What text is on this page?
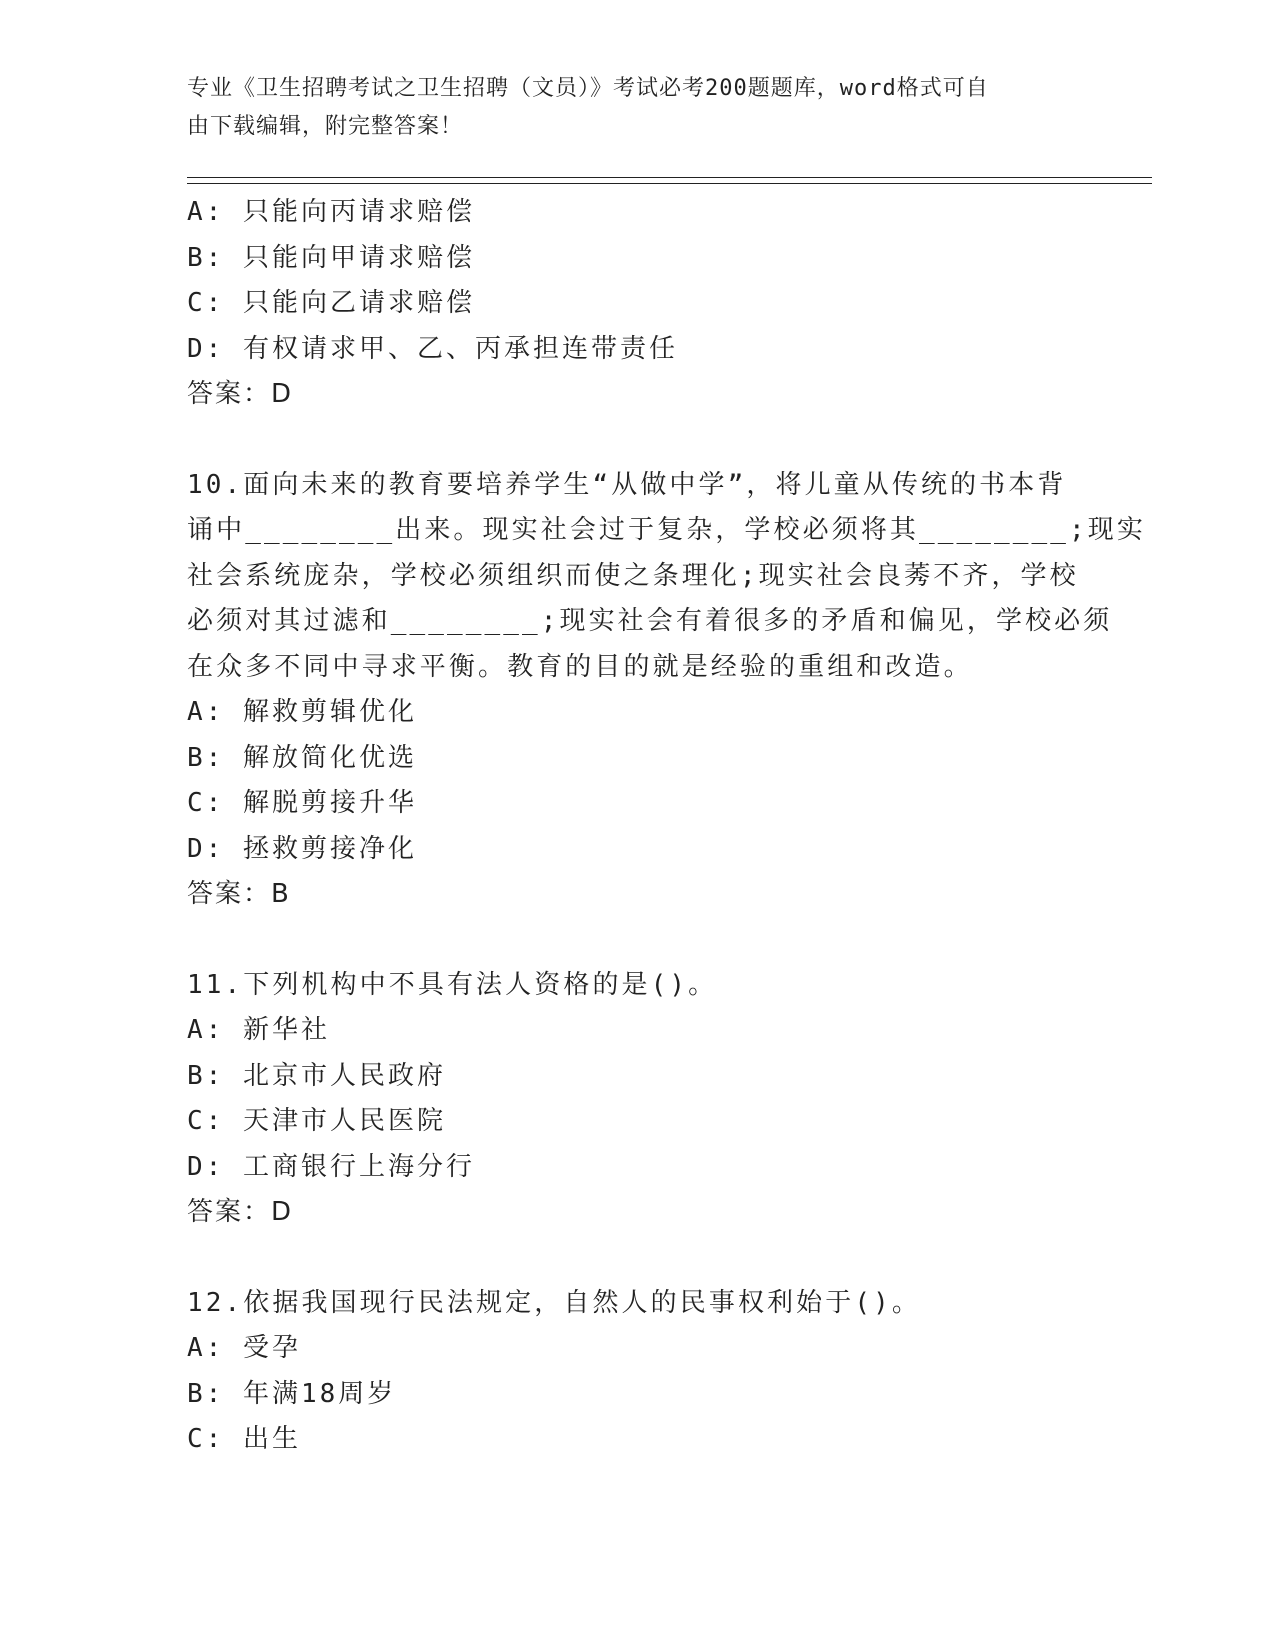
专业《卫生招聘考试之卫生招聘（文员）》考试必考200题题库，word格式可自
由下载编辑，附完整答案！
A: 只能向丙请求赔偿
B: 只能向甲请求赔偿
C: 只能向乙请求赔偿
D: 有权请求甲、乙、丙承担连带责任
答案：D
10.面向未来的教育要培养学生“从做中学”，将儿童从传统的书本背
诵中________出来。现实社会过于复杂，学校必须将其________;现实
社会系统庞杂，学校必须组织而使之条理化;现实社会良莠不齐，学校
必须对其过滤和________;现实社会有着很多的矛盾和偏见，学校必须
在众多不同中寻求平衡。教育的目的就是经验的重组和改造。
A: 解救剪辑优化
B: 解放简化优选
C: 解脱剪接升华
D: 拯救剪接净化
答案：B
11.下列机构中不具有法人资格的是()。
A: 新华社
B: 北京市人民政府
C: 天津市人民医院
D: 工商银行上海分行
答案：D
12.依据我国现行民法规定，自然人的民事权利始于()。
A: 受孕
B: 年满18周岁
C: 出生
